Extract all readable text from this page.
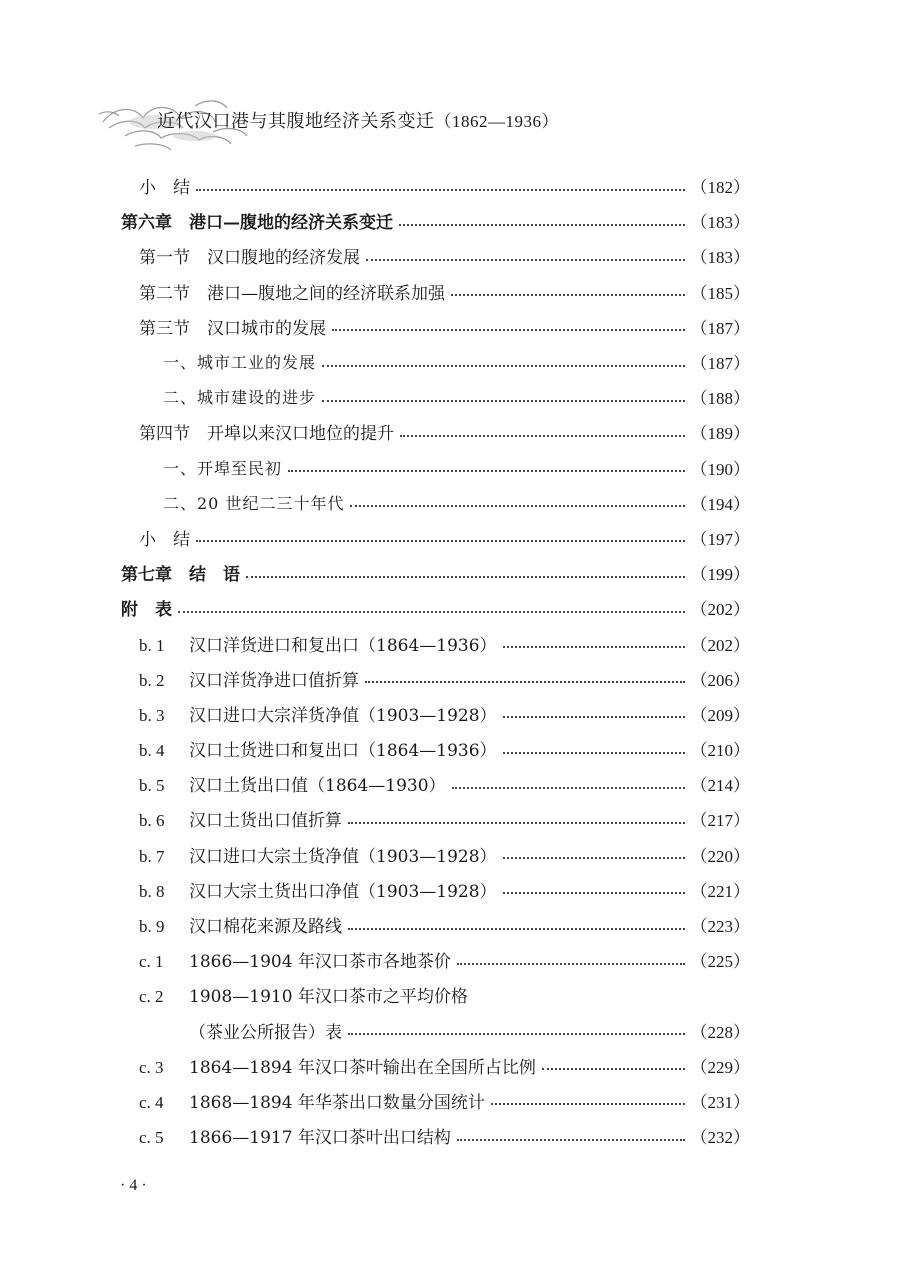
近代汉口港与其腹地经济关系变迁（1862—1936）
小　结	（182）
第六章　港口—腹地的经济关系变迁	（183）
第一节　汉口腹地的经济发展	（183）
第二节　港口—腹地之间的经济联系加强	（185）
第三节　汉口城市的发展	（187）
一、城市工业的发展	（187）
二、城市建设的进步	（188）
第四节　开埠以来汉口地位的提升	（189）
一、开埠至民初	（190）
二、20 世纪二三十年代	（194）
小　结	（197）
第七章　结　语	（199）
附　表	（202）
b. 1 汉口洋货进口和复出口（1864—1936）	（202）
b. 2 汉口洋货净进口值折算	（206）
b. 3 汉口进口大宗洋货净值（1903—1928）	（209）
b. 4 汉口土货进口和复出口（1864—1936）	（210）
b. 5 汉口土货出口值（1864—1930）	（214）
b. 6 汉口土货出口值折算	（217）
b. 7 汉口进口大宗土货净值（1903—1928）	（220）
b. 8 汉口大宗土货出口净值（1903—1928）	（221）
b. 9 汉口棉花来源及路线	（223）
c. 1 1866—1904 年汉口茶市各地茶价	（225）
c. 2 1908—1910 年汉口茶市之平均价格
（茶业公所报告）表	（228）
c. 3 1864—1894 年汉口茶叶输出在全国所占比例	（229）
c. 4 1868—1894 年华茶出口数量分国统计	（231）
c. 5 1866—1917 年汉口茶叶出口结构	（232）
· 4 ·
